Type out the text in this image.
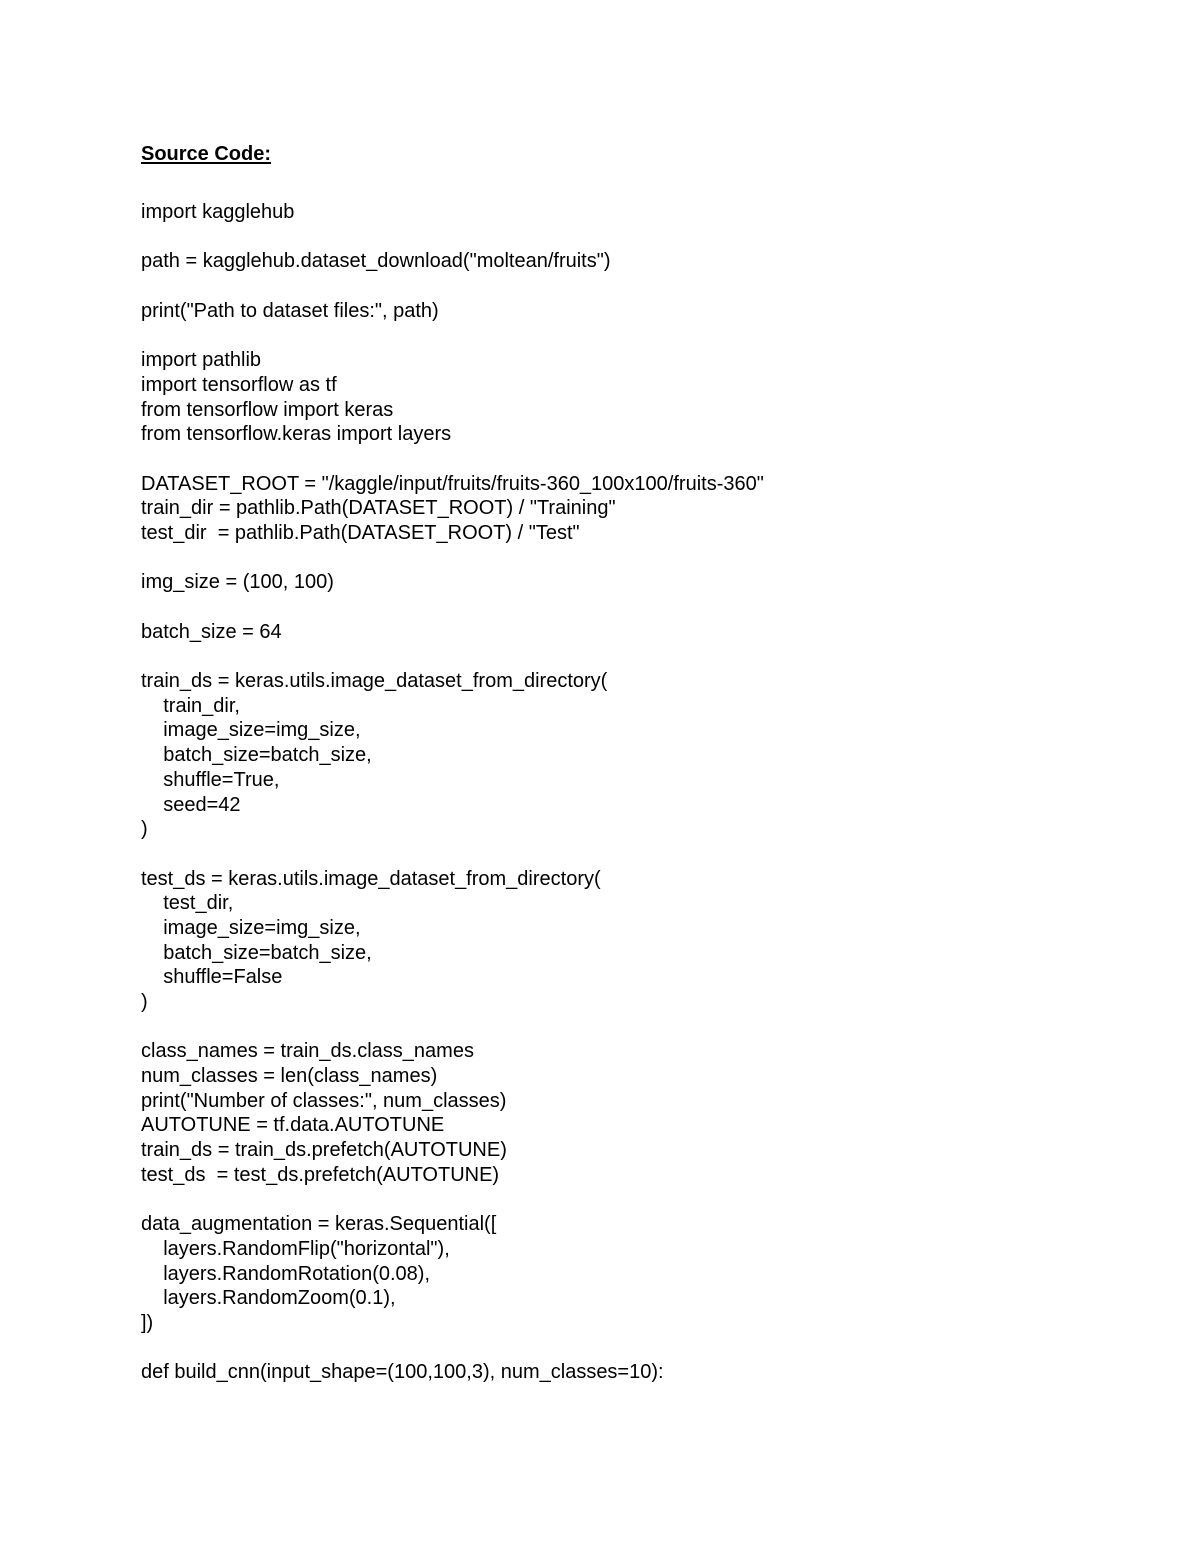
Source Code:
import kagglehub
path = kagglehub.dataset_download("moltean/fruits")
print("Path to dataset files:", path)
import pathlib
import tensorflow as tf
from tensorflow import keras
from tensorflow.keras import layers
DATASET_ROOT = "/kaggle/input/fruits/fruits-360_100x100/fruits-360"
train_dir = pathlib.Path(DATASET_ROOT) / "Training"
test_dir  = pathlib.Path(DATASET_ROOT) / "Test"
img_size = (100, 100)
batch_size = 64
train_ds = keras.utils.image_dataset_from_directory(
train_dir,
image_size=img_size,
batch_size=batch_size,
shuffle=True,
seed=42
)
test_ds = keras.utils.image_dataset_from_directory(
test_dir,
image_size=img_size,
batch_size=batch_size,
shuffle=False
)
class_names = train_ds.class_names
num_classes = len(class_names)
print("Number of classes:", num_classes)
AUTOTUNE = tf.data.AUTOTUNE
train_ds = train_ds.prefetch(AUTOTUNE)
test_ds  = test_ds.prefetch(AUTOTUNE)
data_augmentation = keras.Sequential([
layers.RandomFlip("horizontal"),
layers.RandomRotation(0.08),
layers.RandomZoom(0.1),
])
def build_cnn(input_shape=(100,100,3), num_classes=10):
